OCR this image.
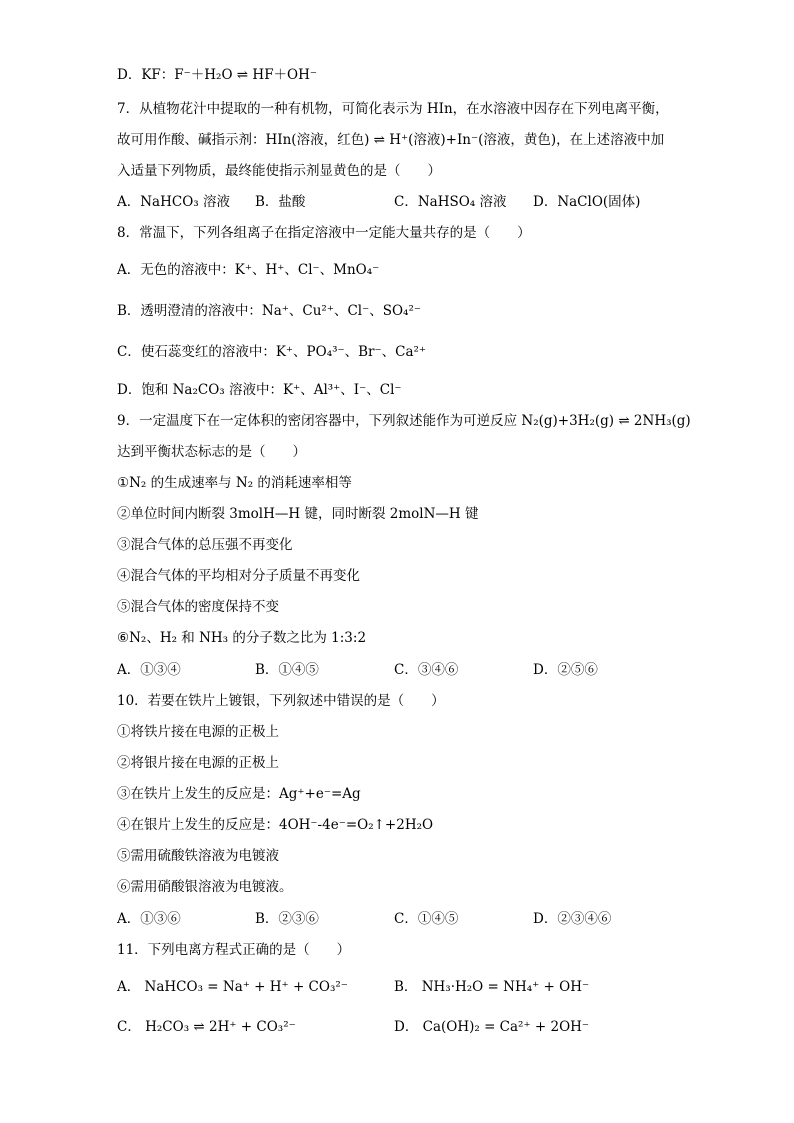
D．KF：F⁻＋H₂O ⇌ HF＋OH⁻
7．从植物花汁中提取的一种有机物，可简化表示为 HIn，在水溶液中因存在下列电离平衡，
故可用作酸、碱指示剂：HIn(溶液，红色) ⇌ H⁺(溶液)+In⁻(溶液，黄色)，在上述溶液中加
入适量下列物质，最终能使指示剂显黄色的是（　　）
A．NaHCO₃ 溶液 B．盐酸	C．NaHSO₄ 溶液 D．NaClO(固体)
8．常温下，下列各组离子在指定溶液中一定能大量共存的是（　　）
A．无色的溶液中：K⁺、H⁺、Cl⁻、MnO₄⁻
B．透明澄清的溶液中：Na⁺、Cu²⁺、Cl⁻、SO₄²⁻
C．使石蕊变红的溶液中：K⁺、PO₄³⁻、Br⁻、Ca²⁺
D．饱和 Na₂CO₃ 溶液中：K⁺、Al³⁺、I⁻、Cl⁻
9．一定温度下在一定体积的密闭容器中，下列叙述能作为可逆反应 N₂(g)+3H₂(g) ⇌ 2NH₃(g)
达到平衡状态标志的是（　　）
①N₂ 的生成速率与 N₂ 的消耗速率相等
②单位时间内断裂 3molH—H 键，同时断裂 2molN—H 键
③混合气体的总压强不再变化
④混合气体的平均相对分子质量不再变化
⑤混合气体的密度保持不变
⑥N₂、H₂ 和 NH₃ 的分子数之比为 1:3:2
A．①③④	B．①④⑤	C．③④⑥	D．②⑤⑥
10．若要在铁片上镀银，下列叙述中错误的是（　　）
①将铁片接在电源的正极上
②将银片接在电源的正极上
③在铁片上发生的反应是：Ag⁺+e⁻=Ag
④在银片上发生的反应是：4OH⁻-4e⁻=O₂↑+2H₂O
⑤需用硫酸铁溶液为电镀液
⑥需用硝酸银溶液为电镀液。
A．①③⑥	B．②③⑥	C．①④⑤	D．②③④⑥
11．下列电离方程式正确的是（　　）
A． NaHCO₃ = Na⁺ + H⁺ + CO₃²⁻	B． NH₃·H₂O = NH₄⁺ + OH⁻
C． H₂CO₃ ⇌ 2H⁺ + CO₃²⁻	D． Ca(OH)₂ = Ca²⁺ + 2OH⁻
